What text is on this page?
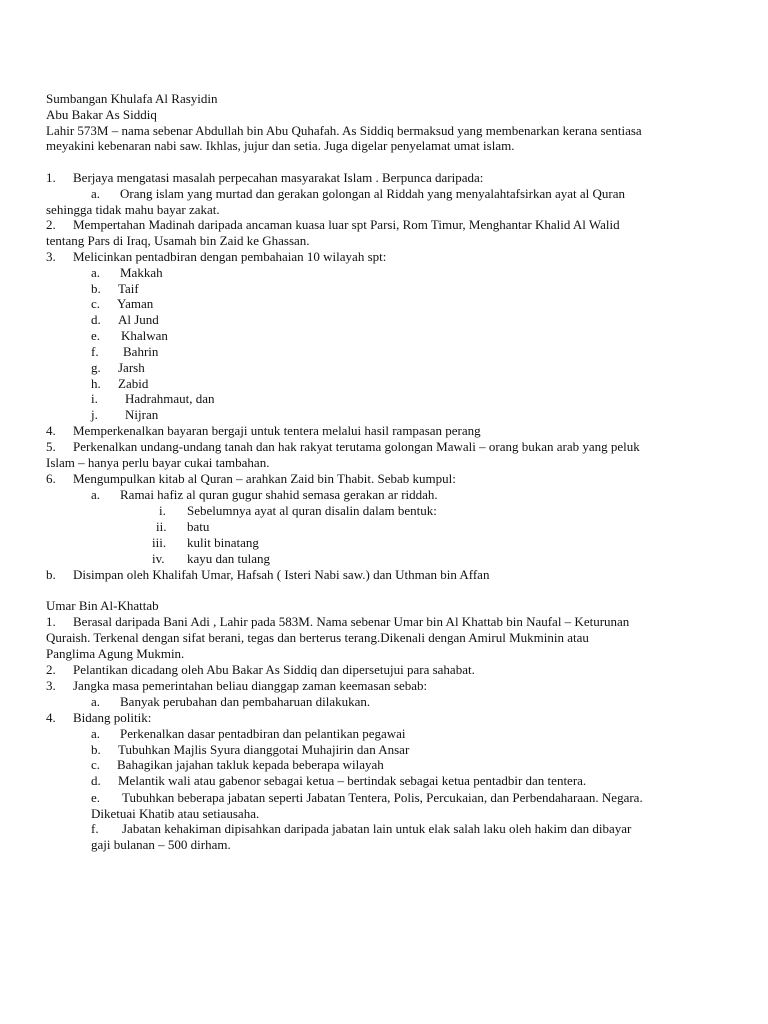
Sumbangan Khulafa Al Rasyidin
Abu Bakar As Siddiq
Lahir 573M – nama sebenar Abdullah bin Abu Quhafah. As Siddiq bermaksud yang membenarkan kerana sentiasa
meyakini kebenaran nabi saw. Ikhlas, jujur dan setia. Juga digelar penyelamat umat islam.
1. Berjaya mengatasi masalah perpecahan masyarakat Islam . Berpunca daripada:
a. Orang islam yang murtad dan gerakan golongan al Riddah yang menyalahtafsirkan ayat al Quran
sehingga tidak mahu bayar zakat.
2. Mempertahan Madinah daripada ancaman kuasa luar spt Parsi, Rom Timur, Menghantar Khalid Al Walid
tentang Pars di Iraq, Usamah bin Zaid ke Ghassan.
3. Melicinkan pentadbiran dengan pembahaian 10 wilayah spt:
a. Makkah
b. Taif
c. Yaman
d. Al Jund
e. Khalwan
f. Bahrin
g. Jarsh
h. Zabid
i. Hadrahmaut, dan
j. Nijran
4. Memperkenalkan bayaran bergaji untuk tentera melalui hasil rampasan perang
5. Perkenalkan undang-undang tanah dan hak rakyat terutama golongan Mawali – orang bukan arab yang peluk
Islam – hanya perlu bayar cukai tambahan.
6. Mengumpulkan kitab al Quran – arahkan Zaid bin Thabit. Sebab kumpul:
a. Ramai hafiz al quran gugur shahid semasa gerakan ar riddah.
i. Sebelumnya ayat al quran disalin dalam bentuk:
ii. batu
iii. kulit binatang
iv. kayu dan tulang
b. Disimpan oleh Khalifah Umar, Hafsah ( Isteri Nabi saw.) dan Uthman bin Affan
Umar Bin Al-Khattab
1. Berasal daripada Bani Adi , Lahir pada 583M. Nama sebenar Umar bin Al Khattab bin Naufal – Keturunan
Quraish. Terkenal dengan sifat berani, tegas dan berterus terang.Dikenali dengan Amirul Mukminin atau
Panglima Agung Mukmin.
2. Pelantikan dicadang oleh Abu Bakar As Siddiq dan dipersetujui para sahabat.
3. Jangka masa pemerintahan beliau dianggap zaman keemasan sebab:
a. Banyak perubahan dan pembaharuan dilakukan.
4. Bidang politik:
a. Perkenalkan dasar pentadbiran dan pelantikan pegawai
b. Tubuhkan Majlis Syura dianggotai Muhajirin dan Ansar
c. Bahagikan jajahan takluk kepada beberapa wilayah
d. Melantik wali atau gabenor sebagai ketua – bertindak sebagai ketua pentadbir dan tentera.
e. Tubuhkan beberapa jabatan seperti Jabatan Tentera, Polis, Percukaian, dan Perbendaharaan. Negara.
Diketuai Khatib atau setiausaha.
f. Jabatan kehakiman dipisahkan daripada jabatan lain untuk elak salah laku oleh hakim dan dibayar
gaji bulanan – 500 dirham.
